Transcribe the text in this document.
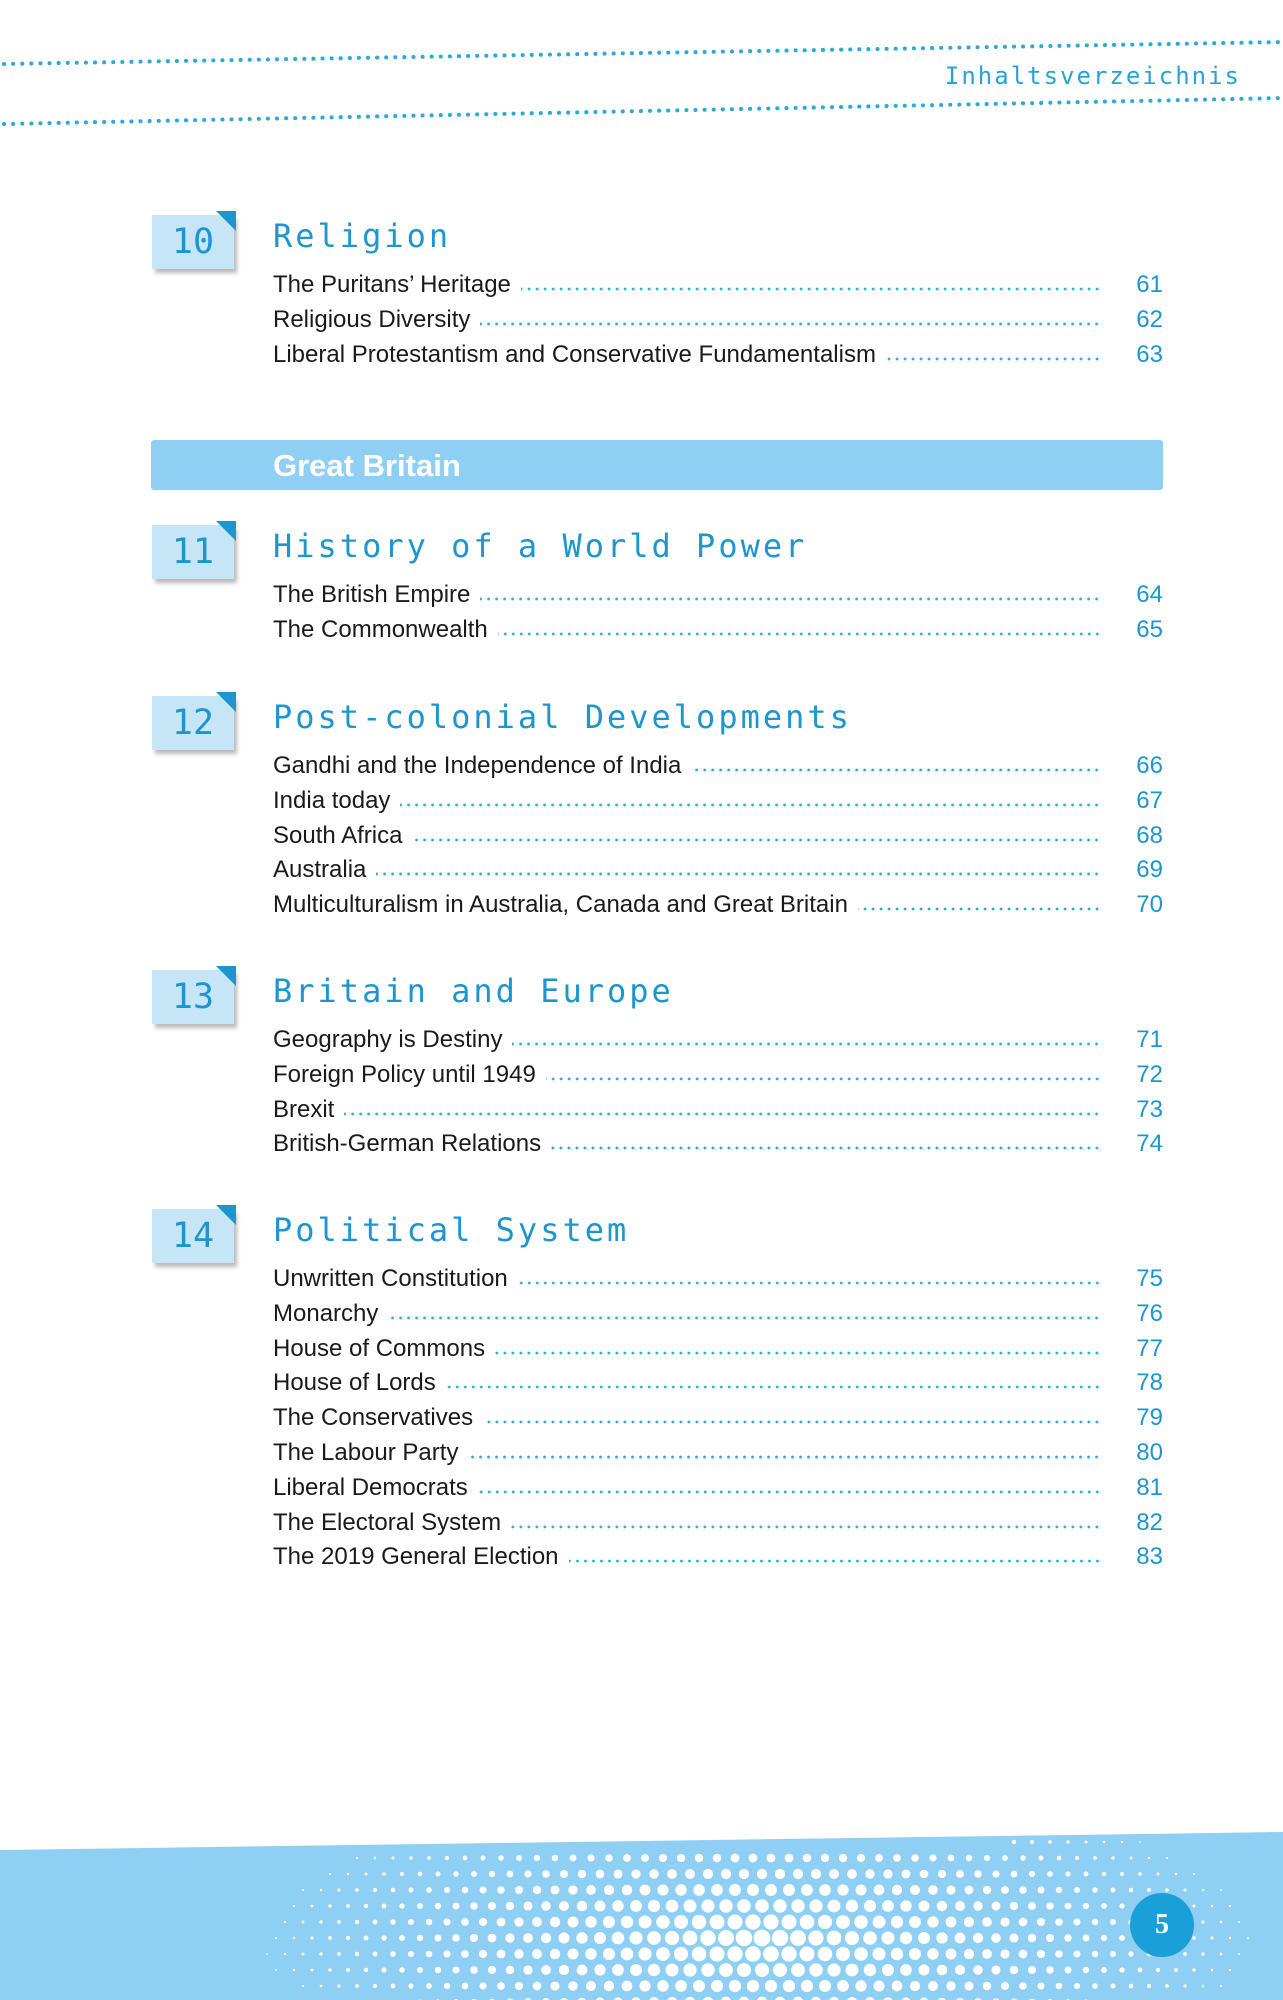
Inhaltsverzeichnis
10 Religion
The Puritans’ Heritage	61
Religious Diversity	62
Liberal Protestantism and Conservative Fundamentalism	63
Great Britain
11 History of a World Power
The British Empire	64
The Commonwealth	65
12 Post-colonial Developments
Gandhi and the Independence of India	66
India today	67
South Africa	68
Australia	69
Multiculturalism in Australia, Canada and Great Britain	70
13 Britain and Europe
Geography is Destiny	71
Foreign Policy until 1949	72
Brexit	73
British-German Relations	74
14 Political System
Unwritten Constitution	75
Monarchy	76
House of Commons	77
House of Lords	78
The Conservatives	79
The Labour Party	80
Liberal Democrats	81
The Electoral System	82
The 2019 General Election	83
5
